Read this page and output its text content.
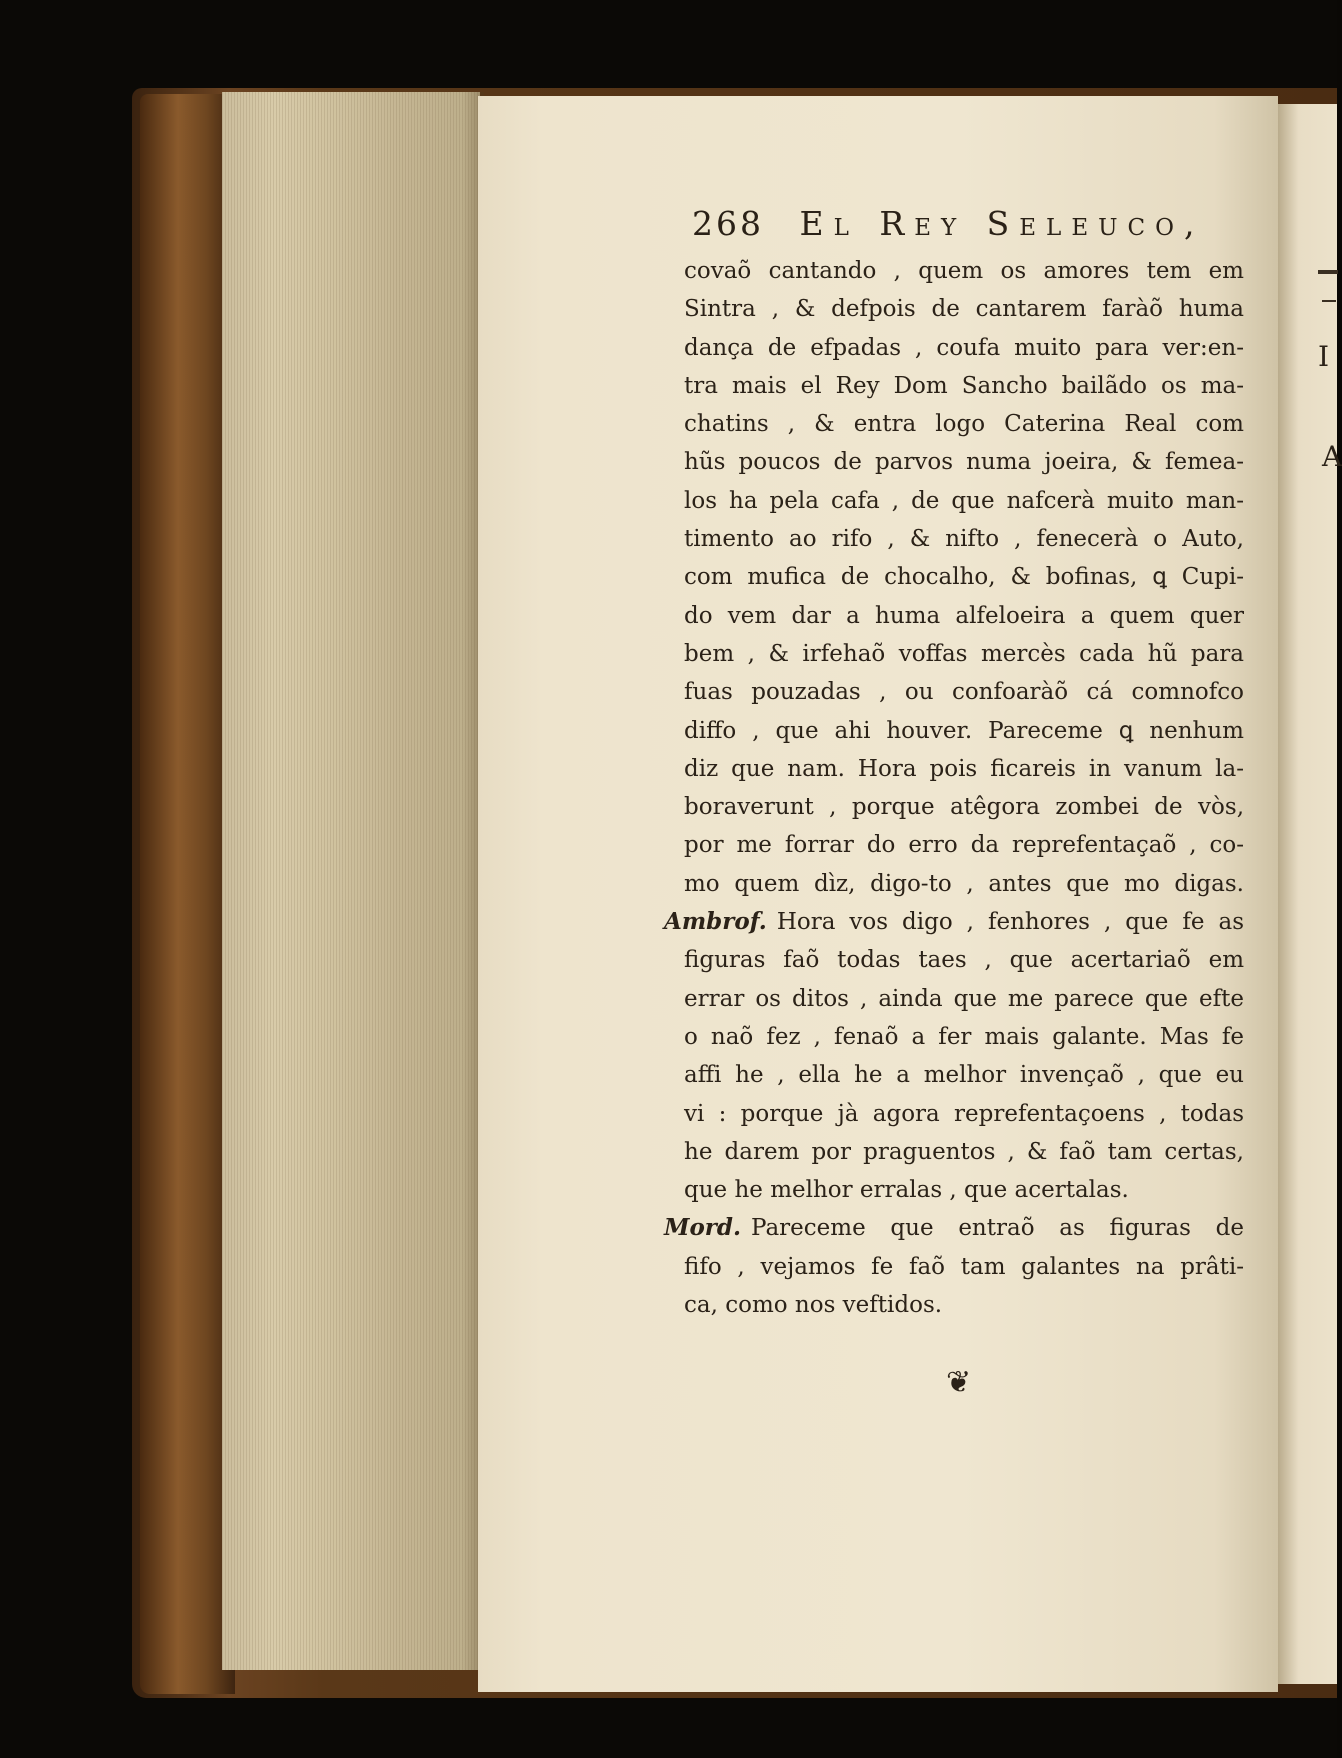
I
A
268 El Rey Seleuco,
covaõ cantando , quem os amores tem em
Sintra , & defpois de cantarem faràõ huma
dança de efpadas , coufa muito para ver:en-
tra mais el Rey Dom Sancho bailãdo os ma-
chatins , & entra logo Caterina Real com
hũs poucos de parvos numa joeira, & femea-
los ha pela cafa , de que nafcerà muito man-
timento ao rifo , & nifto , fenecerà o Auto,
com mufica de chocalho, & bofinas, ꝗ Cupi-
do vem dar a huma alfeloeira a quem quer
bem , & irfehaõ voffas mercès cada hũ para
fuas pouzadas , ou confoaràõ cá comnofco
diffo , que ahi houver. Pareceme ꝗ nenhum
diz que nam. Hora pois ficareis in vanum la-
boraverunt , porque atêgora zombei de vòs,
por me forrar do erro da reprefentaçaõ , co-
mo quem dìz, digo-to , antes que mo digas.
Ambrof. Hora vos digo , fenhores , que fe as
figuras faõ todas taes , que acertariaõ em
errar os ditos , ainda que me parece que efte
o naõ fez , fenaõ a fer mais galante. Mas fe
affi he , ella he a melhor invençaõ , que eu
vi : porque jà agora reprefentaçoens , todas
he darem por praguentos , & faõ tam certas,
que he melhor erralas , que acertalas.
Mord. Pareceme que entraõ as figuras de
fifo , vejamos fe faõ tam galantes na prâti-
ca, como nos veftidos.
❦
